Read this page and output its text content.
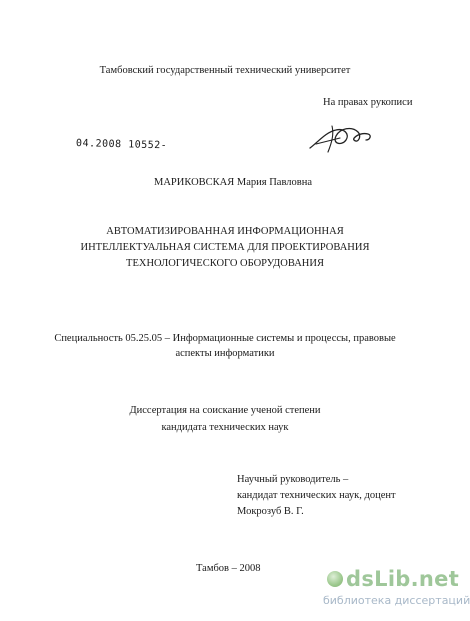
Тамбовский государственный технический университет
На правах рукописи
04.2008 10552-
МАРИКОВСКАЯ Мария Павловна
АВТОМАТИЗИРОВАННАЯ ИНФОРМАЦИОННАЯ
ИНТЕЛЛЕКТУАЛЬНАЯ СИСТЕМА ДЛЯ ПРОЕКТИРОВАНИЯ
ТЕХНОЛОГИЧЕСКОГО ОБОРУДОВАНИЯ
Специальность 05.25.05 – Информационные системы и процессы, правовые
аспекты информатики
Диссертация на соискание ученой степени
кандидата технических наук
Научный руководитель –
кандидат технических наук, доцент
Мокрозуб В. Г.
Тамбов – 2008	dsLib.net
библиотека диссертаций
